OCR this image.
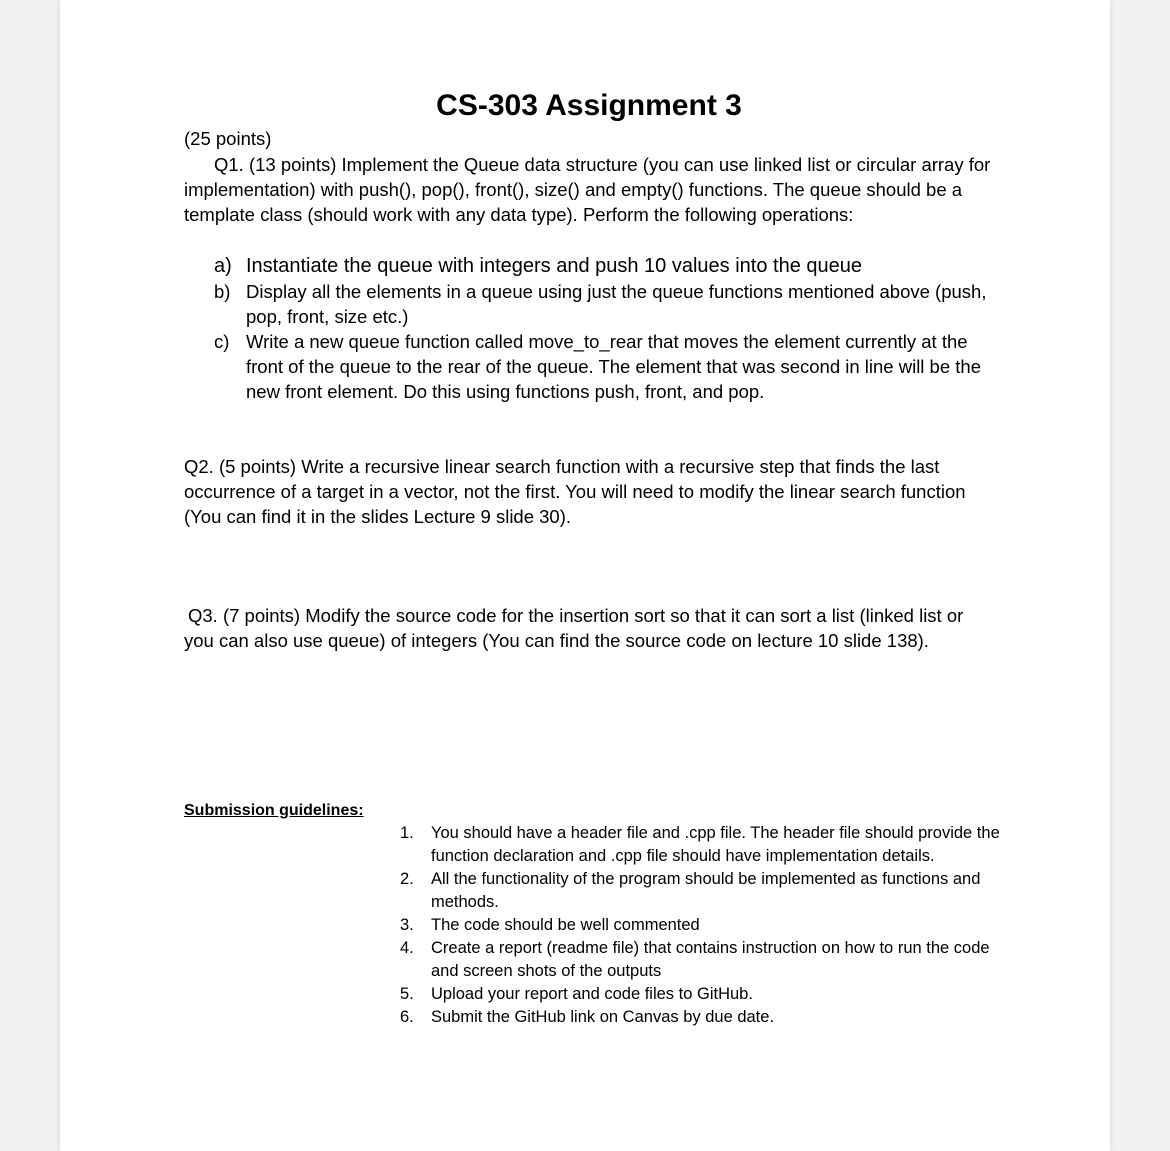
CS-303 Assignment 3
(25 points)
Q1. (13 points) Implement the Queue data structure (you can use linked list or circular array for implementation) with push(), pop(), front(), size() and empty() functions. The queue should be a template class (should work with any data type). Perform the following operations:
a) Instantiate the queue with integers and push 10 values into the queue
b) Display all the elements in a queue using just the queue functions mentioned above (push, pop, front, size etc.)
c) Write a new queue function called move_to_rear that moves the element currently at the front of the queue to the rear of the queue. The element that was second in line will be the new front element. Do this using functions push, front, and pop.
Q2. (5 points) Write a recursive linear search function with a recursive step that finds the last occurrence of a target in a vector, not the first. You will need to modify the linear search function (You can find it in the slides Lecture 9 slide 30).
Q3. (7 points) Modify the source code for the insertion sort so that it can sort a list (linked list or you can also use queue) of integers (You can find the source code on lecture 10 slide 138).
Submission guidelines:
1. You should have a header file and .cpp file. The header file should provide the function declaration and .cpp file should have implementation details.
2. All the functionality of the program should be implemented as functions and methods.
3. The code should be well commented
4. Create a report (readme file) that contains instruction on how to run the code and screen shots of the outputs
5. Upload your report and code files to GitHub.
6. Submit the GitHub link on Canvas by due date.
